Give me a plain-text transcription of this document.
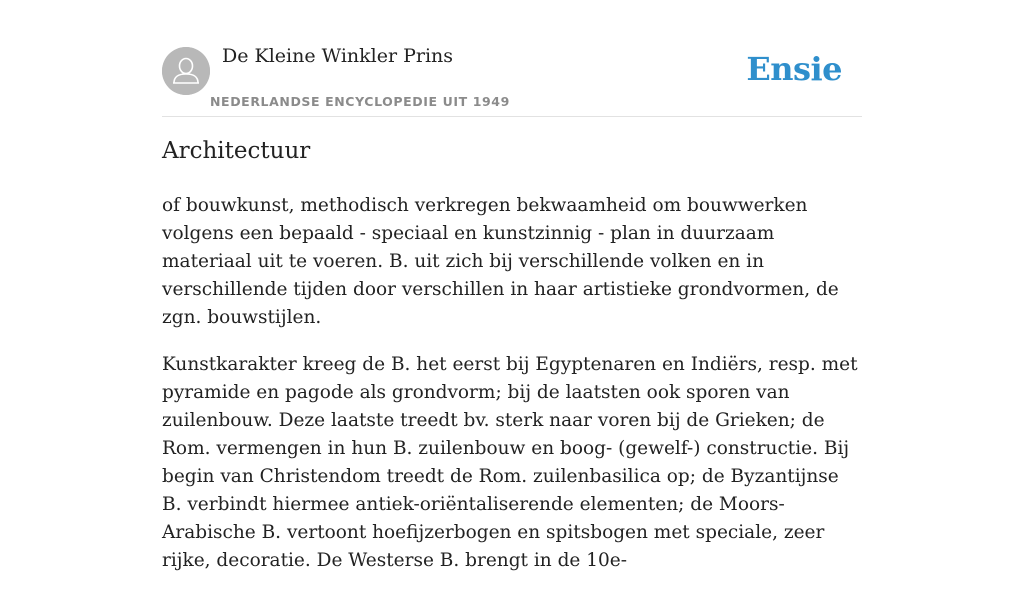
De Kleine Winkler Prins
NEDERLANDSE ENCYCLOPEDIE UIT 1949
Ensie
Architectuur

of bouwkunst, methodisch verkregen bekwaamheid om bouwwerken volgens een bepaald - speciaal en kunstzinnig - plan in duurzaam materiaal uit te voeren. B. uit zich bij verschillende volken en in verschillende tijden door verschillen in haar artistieke grondvormen, de zgn. bouwstijlen.

Kunstkarakter kreeg de B. het eerst bij Egyptenaren en Indiërs, resp. met pyramide en pagode als grondvorm; bij de laatsten ook sporen van zuilenbouw. Deze laatste treedt bv. sterk naar voren bij de Grieken; de Rom. vermengen in hun B. zuilenbouw en boog- (gewelf-) constructie. Bij begin van Christendom treedt de Rom. zuilenbasilica op; de Byzantijnse B. verbindt hiermee antiek-oriëntaliserende elementen; de Moors-Arabische B. vertoont hoefijzerbogen en spitsbogen met speciale, zeer rijke, decoratie. De Westerse B. brengt in de 10e-
